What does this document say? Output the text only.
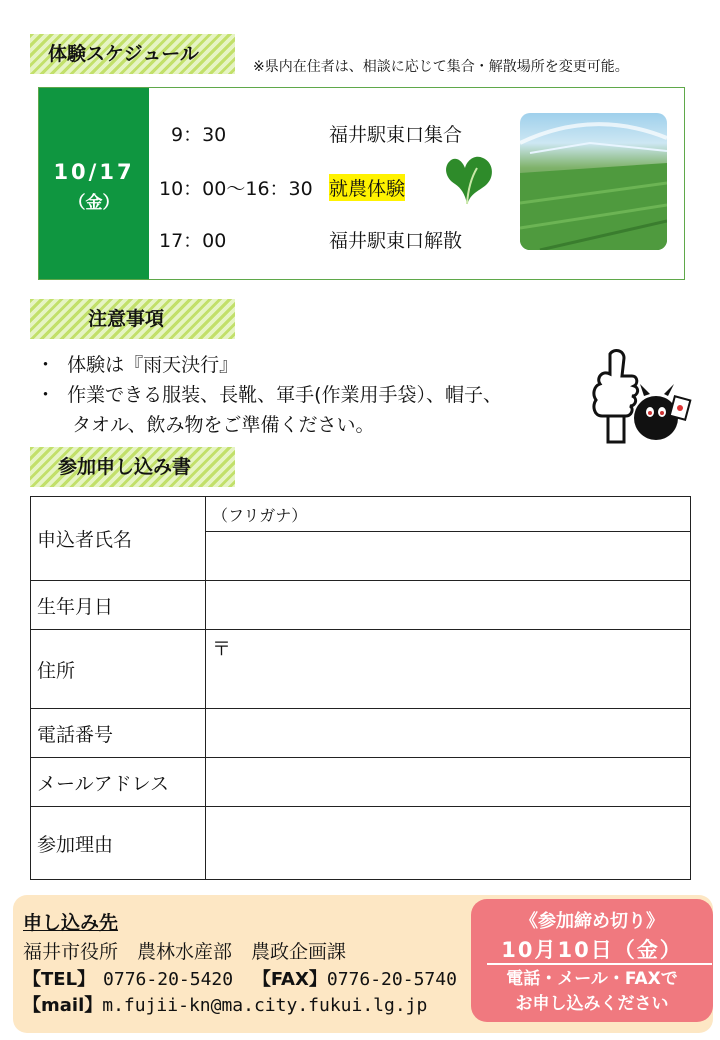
体験スケジュール
※県内在住者は、相談に応じて集合・解散場所を変更可能。
10/17
（金）
9：30	福井駅東口集合
10：00～16：30 就農体験
17：00	福井駅東口解散
注意事項
・ 体験は『雨天決行』
・ 作業できる服装、長靴、軍手(作業用手袋）、帽子、
タオル、飲み物をご準備ください。
参加申し込み書
申込者氏名	（フリガナ）

生年月日	
住所	〒
電話番号	
メールアドレス	
参加理由	
申し込み先
福井市役所　農林水産部　農政企画課
【TEL】 0776-20-5420 【FAX】0776-20-5740
【mail】m.fujii-kn@ma.city.fukui.lg.jp
《参加締め切り》
10月10日（金）
電話・メール・FAXで
お申し込みください
